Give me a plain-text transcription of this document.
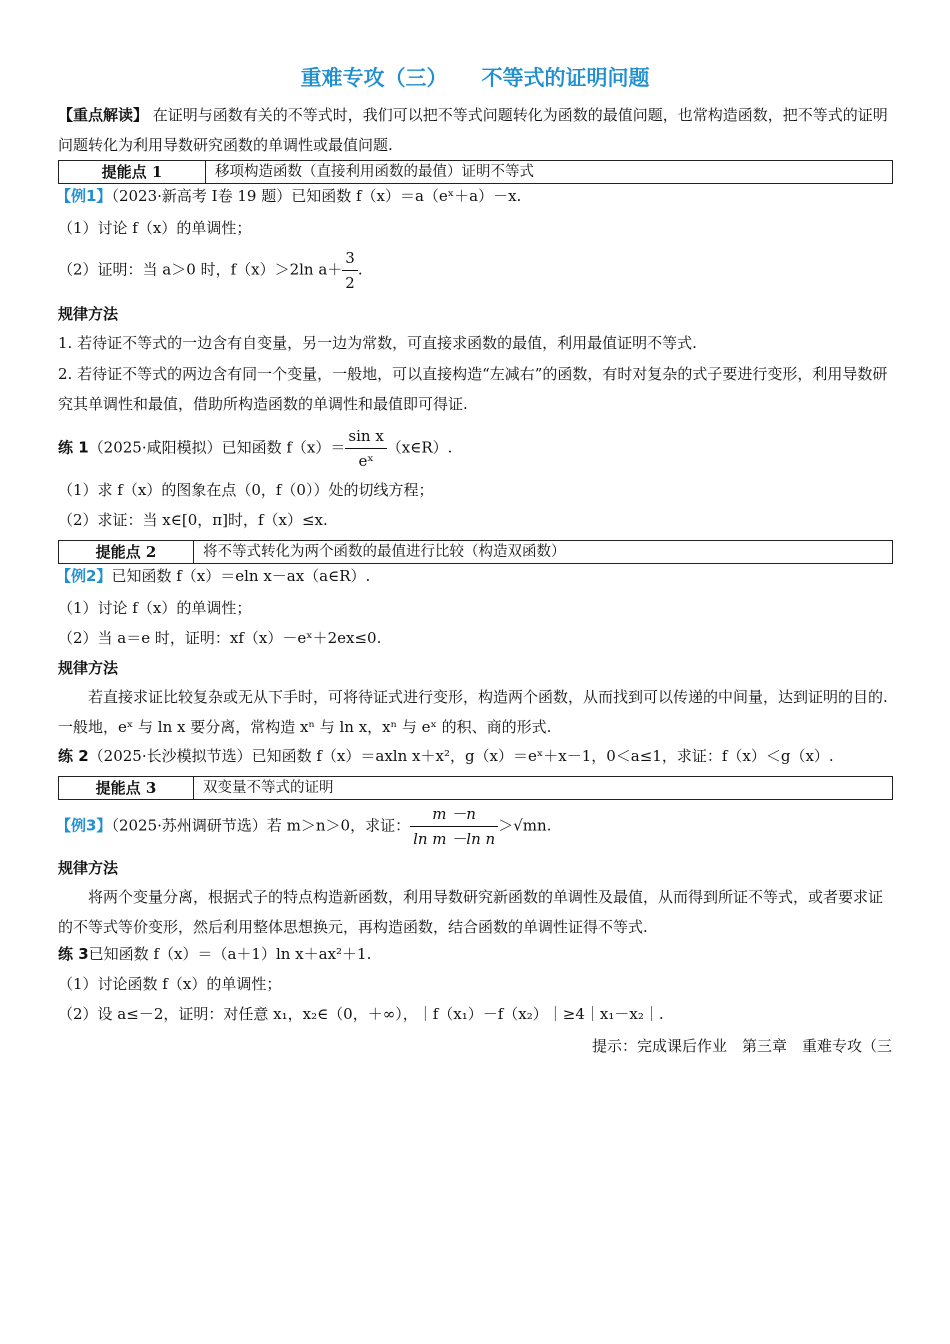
重难专攻（三） 不等式的证明问题
【重点解读】 在证明与函数有关的不等式时，我们可以把不等式问题转化为函数的最值问题，也常构造函数，把不等式的证明问题转化为利用导数研究函数的单调性或最值问题.
提能点 1	移项构造函数（直接利用函数的最值）证明不等式
【例1】（2023·新高考 Ⅰ卷 19 题）已知函数 f（x）＝a（eˣ＋a）－x.
（1）讨论 f（x）的单调性；
（2）证明：当 a＞0 时，f（x）＞2ln $a+ \frac{3}{2}$ .
规律方法
1. 若待证不等式的一边含有自变量，另一边为常数，可直接求函数的最值，利用最值证明不等式.
2. 若待证不等式的两边含有同一个变量，一般地，可以直接构造“左减右”的函数，有时对复杂的式子要进行变形，利用导数研究其单调性和最值，借助所构造函数的单调性和最值即可得证.
练 1（2025·咸阳模拟）已知函数 $f(x)= \frac{\text{sin x}}{\text{eˣ}}$ （x∈R）.
（1）求 f（x）的图象在点（0，f（0））处的切线方程；
（2）求证：当 x∈[0，π]时，f（x）≤x.
提能点 2	将不等式转化为两个函数的最值进行比较（构造双函数）
【例2】已知函数 f（x）＝eln x－ax（a∈R）.
（1）讨论 f（x）的单调性；
（2）当 a＝e 时，证明：xf（x）－eˣ＋2ex≤0.
规律方法
若直接求证比较复杂或无从下手时，可将待证式进行变形，构造两个函数，从而找到可以传递的中间量，达到证明的目的. 一般地，eˣ 与 ln x 要分离，常构造 xⁿ 与 ln x，xⁿ 与 eˣ 的积、商的形式.
练 2（2025·长沙模拟节选）已知函数 f（x）＝axln x＋x²，g（x）＝eˣ＋x－1，0＜a≤1，求证：f（x）＜g（x）.
提能点 3	双变量不等式的证明
【例3】（2025·苏州调研节选）若 m＞n＞0，求证： $\frac{m -n}{\text{ln m －ln n}} >√mn$.
规律方法
将两个变量分离，根据式子的特点构造新函数，利用导数研究新函数的单调性及最值，从而得到所证不等式，或者要求证的不等式等价变形，然后利用整体思想换元，再构造函数，结合函数的单调性证得不等式.
练 3已知函数 f（x）＝（a＋1）ln x＋ax²＋1.
（1）讨论函数 f（x）的单调性；
（2）设 a≤－2，证明：对任意 x₁，x₂∈（0，＋∞），｜f（x₁）－f（x₂）｜≥4｜x₁－x₂｜.
提示：完成课后作业　第三章　重难专攻（三
